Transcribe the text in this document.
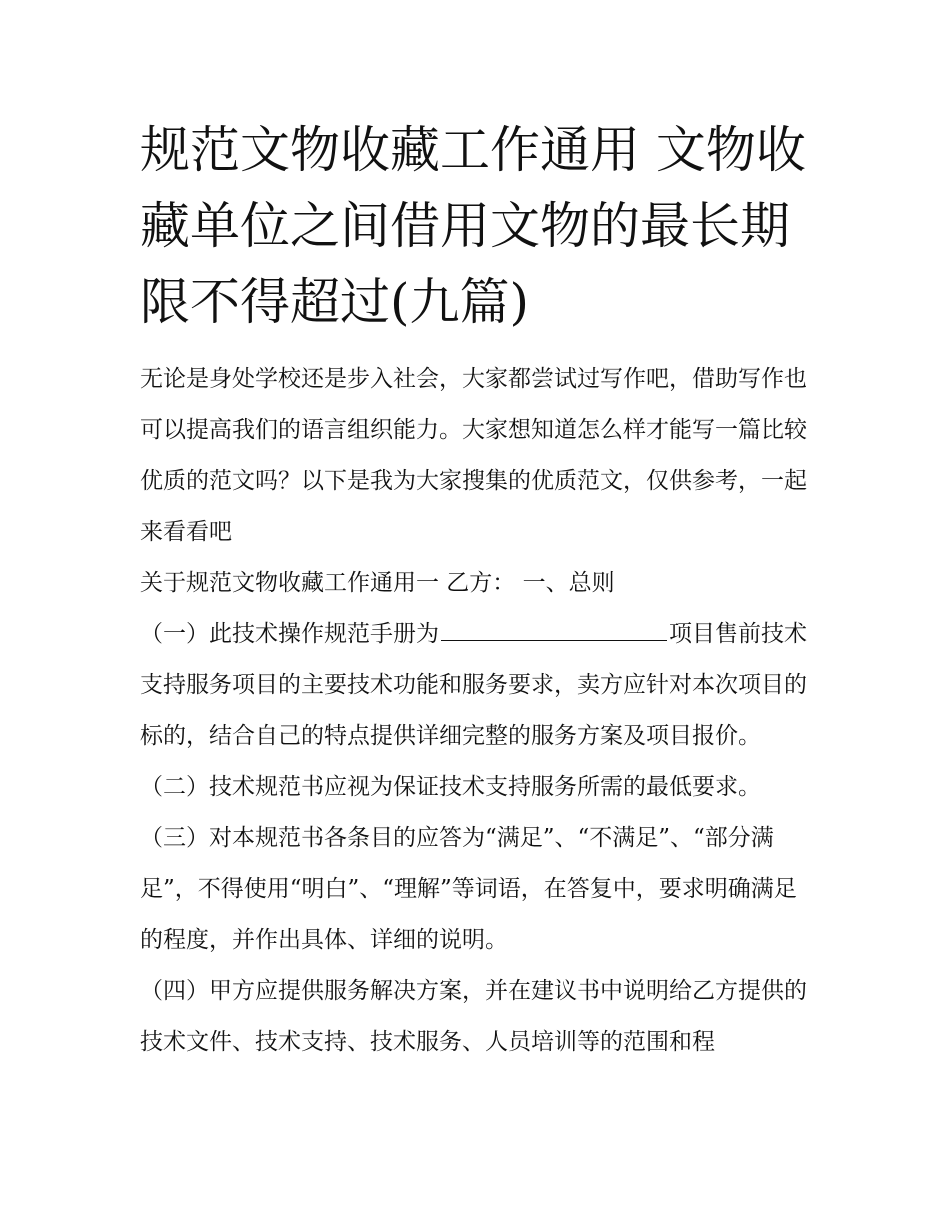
规范文物收藏工作通用 文物收藏单位之间借用文物的最长期限不得超过(九篇)

无论是身处学校还是步入社会，大家都尝试过写作吧，借助写作也可以提高我们的语言组织能力。大家想知道怎么样才能写一篇比较优质的范文吗？以下是我为大家搜集的优质范文，仅供参考，一起来看看吧

关于规范文物收藏工作通用一 乙方： 一、总则

（一）此技术操作规范手册为	项目售前技术支持服务项目的主要技术功能和服务要求，卖方应针对本次项目的标的，结合自己的特点提供详细完整的服务方案及项目报价。

（二）技术规范书应视为保证技术支持服务所需的最低要求。

（三）对本规范书各条目的应答为“满足”、“不满足”、“部分满足”，不得使用“明白”、“理解”等词语，在答复中，要求明确满足的程度，并作出具体、详细的说明。

（四）甲方应提供服务解决方案，并在建议书中说明给乙方提供的技术文件、技术支持、技术服务、人员培训等的范围和程
